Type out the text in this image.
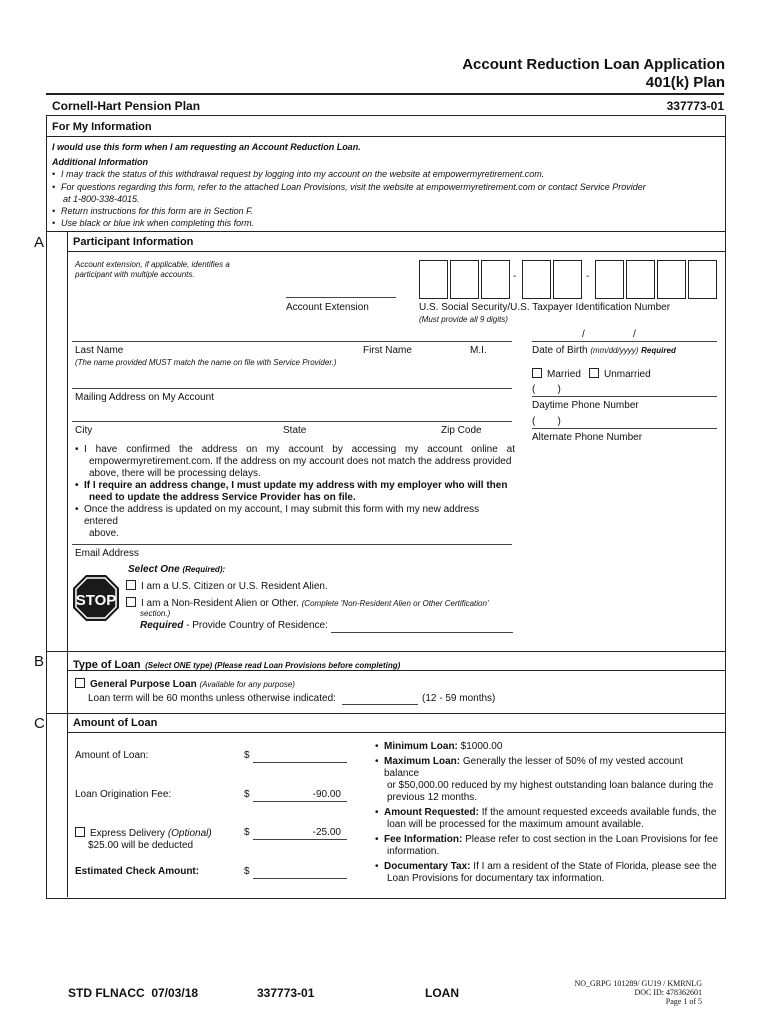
Account Reduction Loan Application
401(k) Plan
Cornell-Hart Pension Plan	337773-01
For My Information
I would use this form when I am requesting an Account Reduction Loan.
Additional Information
• I may track the status of this withdrawal request by logging into my account on the website at empowermyretirement.com.
• For questions regarding this form, refer to the attached Loan Provisions, visit the website at empowermyretirement.com or contact Service Provider
at 1-800-338-4015.
• Return instructions for this form are in Section F.
• Use black or blue ink when completing this form.
A	Participant Information
Account extension, if applicable, identifies a
participant with multiple accounts.
Account Extension
-	-
U.S. Social Security/U.S. Taxpayer Identification Number
(Must provide all 9 digits)
Last Name	First Name	M.I.
(The name provided MUST match the name on file with Service Provider.)
/	/
Date of Birth (mm/dd/yyyy) Required
Married	Unmarried
(        )
Daytime Phone Number
(        )
Alternate Phone Number
Mailing Address on My Account
City	State	Zip Code
• I have confirmed the address on my account by accessing my account online at
empowermyretirement.com. If the address on my account does not match the address provided
above, there will be processing delays.
• If I require an address change, I must update my address with my employer who will then
need to update the address Service Provider has on file.
• Once the address is updated on my account, I may submit this form with my new address entered
above.
Email Address
Select One (Required):
STOP
I am a U.S. Citizen or U.S. Resident Alien.
I am a Non-Resident Alien or Other. (Complete 'Non-Resident Alien or Other Certification'
section.)
Required - Provide Country of Residence:
B	Type of Loan (Select ONE type) (Please read Loan Provisions before completing)
General Purpose Loan (Available for any purpose)
Loan term will be 60 months unless otherwise indicated:	(12 - 59 months)
C	Amount of Loan
Amount of Loan:	$
Loan Origination Fee:	$	-90.00
Express Delivery (Optional)
$25.00 will be deducted
$	-25.00
Estimated Check Amount:	$
• Minimum Loan: $1000.00
• Maximum Loan: Generally the lesser of 50% of my vested account balance
or $50,000.00 reduced by my highest outstanding loan balance during the
previous 12 months.
• Amount Requested: If the amount requested exceeds available funds, the
loan will be processed for the maximum amount available.
• Fee Information: Please refer to cost section in the Loan Provisions for fee
information.
• Documentary Tax: If I am a resident of the State of Florida, please see the
Loan Provisions for documentary tax information.
STD FLNACC  07/03/18	337773-01	LOAN
NO_GRPG 101289/ GU19 / KMRNLG
DOC ID: 478362601
Page 1 of 5
